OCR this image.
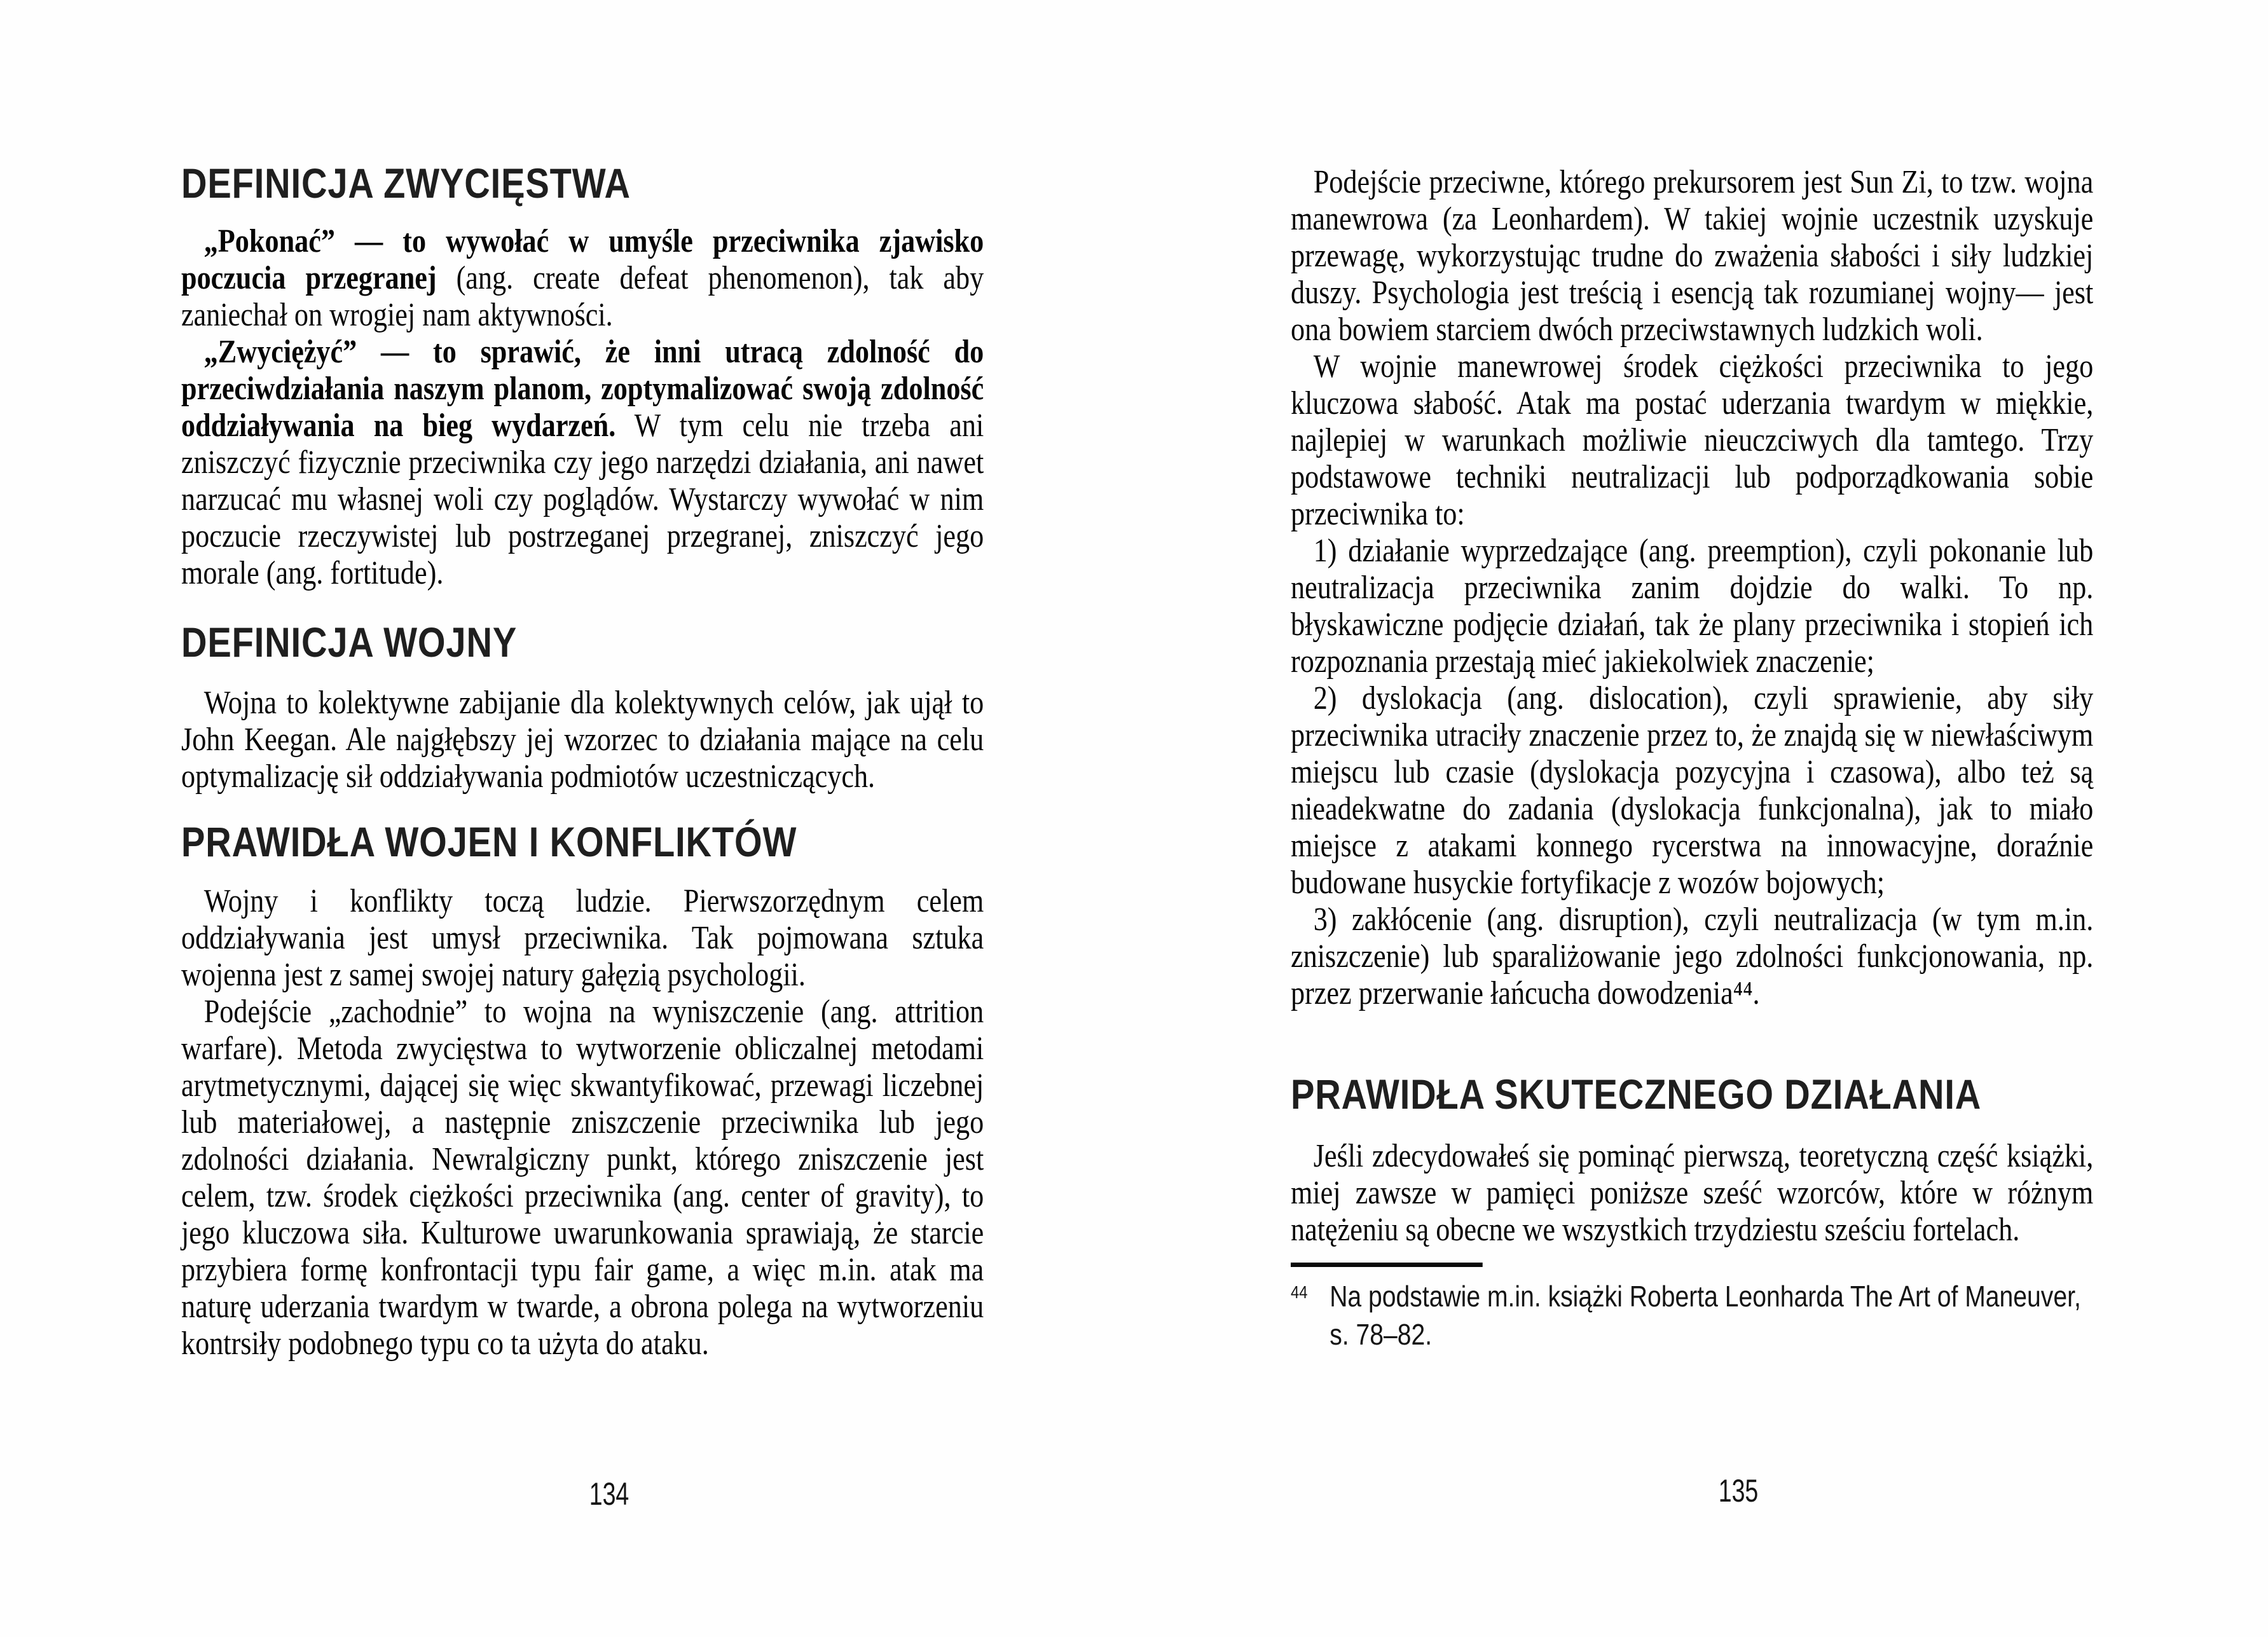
DEFINICJA ZWYCIĘSTWA

„Pokonać” — to wywołać w umyśle przeciwnika zjawisko poczucia przegranej (ang. create defeat phenomenon), tak aby zaniechał on wrogiej nam aktywności.

„Zwyciężyć” — to sprawić, że inni utracą zdolność do przeciwdziałania naszym planom, zoptymalizować swoją zdolność oddziaływania na bieg wydarzeń. W tym celu nie trzeba ani zniszczyć fizycznie przeciwnika czy jego narzędzi działania, ani nawet narzucać mu własnej woli czy poglądów. Wystarczy wywołać w nim poczucie rzeczywistej lub postrzeganej przegranej, zniszczyć jego morale (ang. fortitude).

DEFINICJA WOJNY

Wojna to kolektywne zabijanie dla kolektywnych celów, jak ujął to John Keegan. Ale najgłębszy jej wzorzec to działania mające na celu optymalizację sił oddziaływania podmiotów uczestniczących.

PRAWIDŁA WOJEN I KONFLIKTÓW

Wojny i konflikty toczą ludzie. Pierwszorzędnym celem oddziaływania jest umysł przeciwnika. Tak pojmowana sztuka wojenna jest z samej swojej natury gałęzią psychologii.

Podejście „zachodnie” to wojna na wyniszczenie (ang. attrition warfare). Metoda zwycięstwa to wytworzenie obliczalnej metodami arytmetycznymi, dającej się więc skwantyfikować, przewagi liczebnej lub materiałowej, a następnie zniszczenie przeciwnika lub jego zdolności działania. Newralgiczny punkt, którego zniszczenie jest celem, tzw. środek ciężkości przeciwnika (ang. center of gravity), to jego kluczowa siła. Kulturowe uwarunkowania sprawiają, że starcie przybiera formę konfrontacji typu fair game, a więc m.in. atak ma naturę uderzania twardym w twarde, a obrona polega na wytworzeniu kontrsiły podobnego typu co ta użyta do ataku.

Podejście przeciwne, którego prekursorem jest Sun Zi, to tzw. wojna manewrowa (za Leonhardem). W takiej wojnie uczestnik uzyskuje przewagę, wykorzystując trudne do zważenia słabości i siły ludzkiej duszy. Psychologia jest treścią i esencją tak rozumianej wojny— jest ona bowiem starciem dwóch przeciwstawnych ludzkich woli.

W wojnie manewrowej środek ciężkości przeciwnika to jego kluczowa słabość. Atak ma postać uderzania twardym w miękkie, najlepiej w warunkach możliwie nieuczciwych dla tamtego. Trzy podstawowe techniki neutralizacji lub podporządkowania sobie przeciwnika to:

1) działanie wyprzedzające (ang. preemption), czyli pokonanie lub neutralizacja przeciwnika zanim dojdzie do walki. To np. błyskawiczne podjęcie działań, tak że plany przeciwnika i stopień ich rozpoznania przestają mieć jakiekolwiek znaczenie;

2) dyslokacja (ang. dislocation), czyli sprawienie, aby siły przeciwnika utraciły znaczenie przez to, że znajdą się w niewłaściwym miejscu lub czasie (dyslokacja pozycyjna i czasowa), albo też są nieadekwatne do zadania (dyslokacja funkcjonalna), jak to miało miejsce z atakami konnego rycerstwa na innowacyjne, doraźnie budowane husyckie fortyfikacje z wozów bojowych;

3) zakłócenie (ang. disruption), czyli neutralizacja (w tym m.in. zniszczenie) lub sparaliżowanie jego zdolności funkcjonowania, np. przez przerwanie łańcucha dowodzenia⁴⁴.

PRAWIDŁA SKUTECZNEGO DZIAŁANIA

Jeśli zdecydowałeś się pominąć pierwszą, teoretyczną część książki, miej zawsze w pamięci poniższe sześć wzorców, które w różnym natężeniu są obecne we wszystkich trzydziestu sześciu fortelach.

44 Na podstawie m.in. książki Roberta Leonharda The Art of Maneuver, s. 78–82.
134	135
